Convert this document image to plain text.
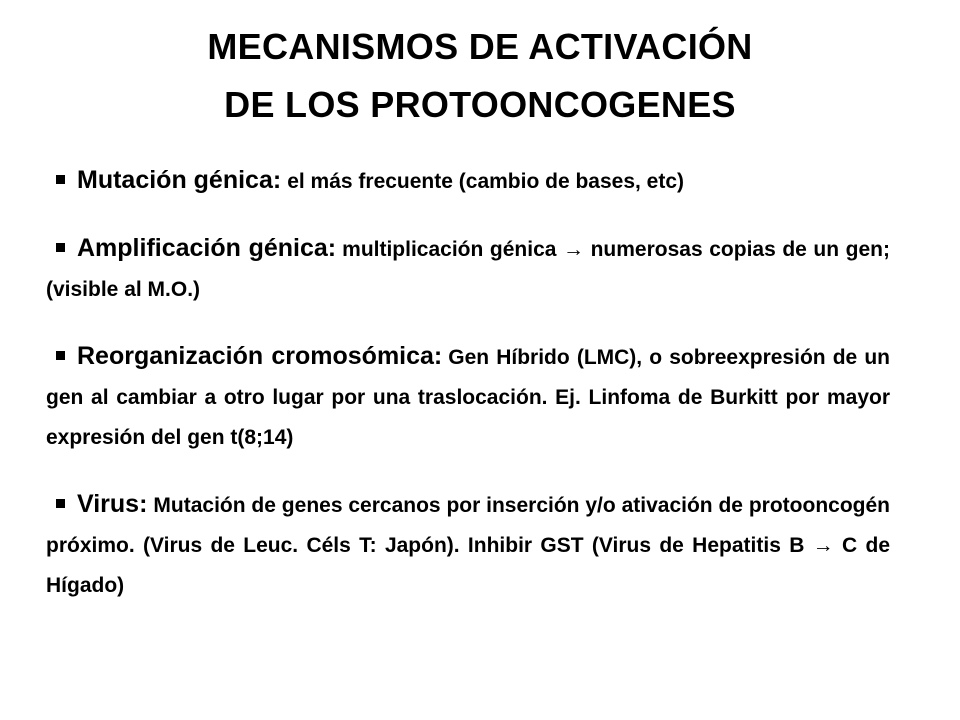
MECANISMOS DE ACTIVACIÓN
DE LOS PROTOONCOGENES
Mutación génica: el más frecuente (cambio de bases, etc)
Amplificación génica: multiplicación génica → numerosas copias de un gen; (visible al M.O.)
Reorganización cromosómica: Gen Híbrido (LMC), o sobreexpresión de un gen al cambiar a otro lugar por una traslocación. Ej. Linfoma de Burkitt por mayor expresión del gen t(8;14)
Virus: Mutación de genes cercanos por inserción y/o ativación de protooncogén próximo. (Virus de Leuc. Céls T: Japón). Inhibir GST (Virus de Hepatitis B → C de Hígado)
